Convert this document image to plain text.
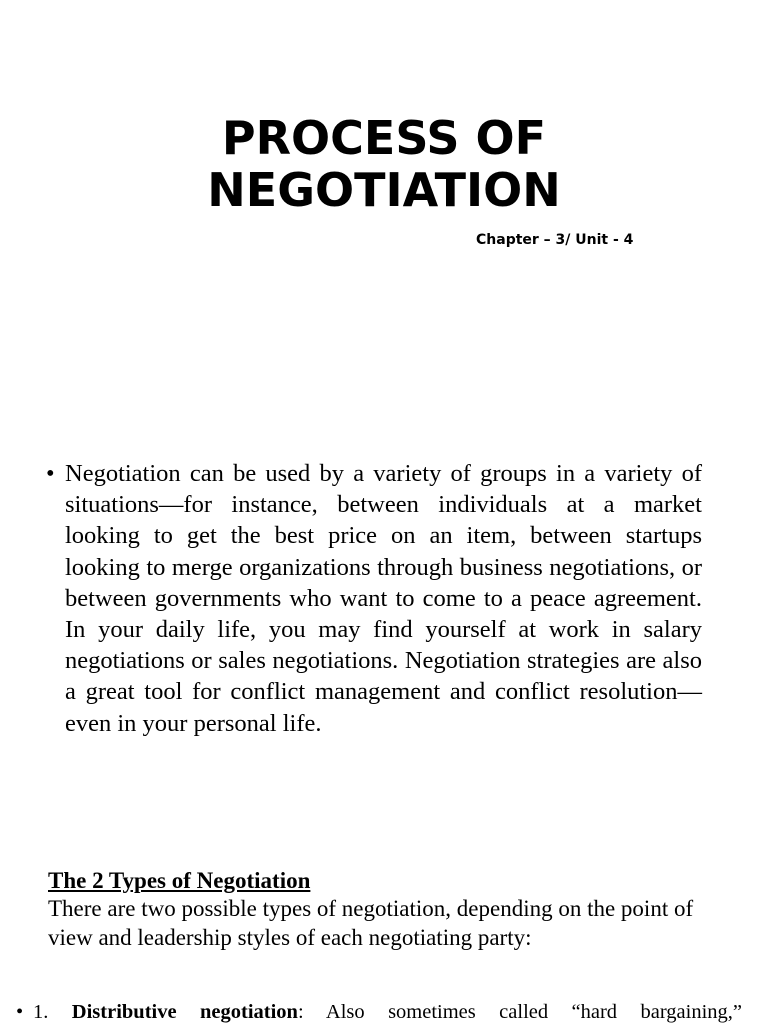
PROCESS OF
NEGOTIATION
Chapter – 3/ Unit - 4
• Negotiation can be used by a variety of groups in a variety of situations—for instance, between individuals at a market looking to get the best price on an item, between startups looking to merge organizations through business negotiations, or between governments who want to come to a peace agreement. In your daily life, you may find yourself at work in salary negotiations or sales negotiations. Negotiation strategies are also a great tool for conflict management and conflict resolution—even in your personal life.
The 2 Types of Negotiation
There are two possible types of negotiation, depending on the point of view and leadership styles of each negotiating party:
• 1. Distributive negotiation: Also sometimes called “hard bargaining,”
